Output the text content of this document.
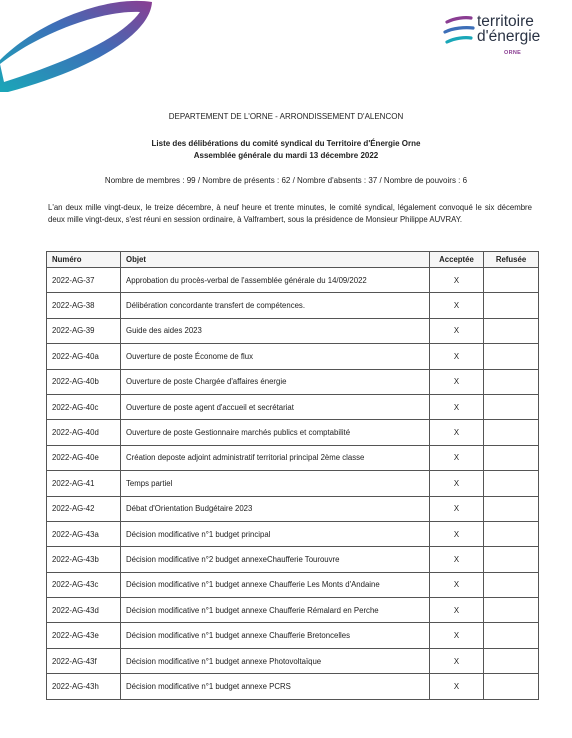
territoire
d'énergie
ORNE
DEPARTEMENT DE L'ORNE - ARRONDISSEMENT D'ALENCON
Liste des délibérations du comité syndical du Territoire d'Énergie Orne
Assemblée générale du mardi 13 décembre 2022
Nombre de membres : 99 / Nombre de présents : 62 / Nombre d'absents : 37 / Nombre de pouvoirs : 6
L'an deux mille vingt-deux, le treize décembre, à neuf heure et trente minutes, le comité syndical, légalement convoqué le six décembre deux mille vingt-deux, s'est réuni en session ordinaire, à Valframbert, sous la présidence de Monsieur Philippe AUVRAY.
Numéro	Objet	Acceptée	Refusée
2022-AG-37	Approbation du procès-verbal de l'assemblée générale du 14/09/2022	X	
2022-AG-38	Délibération concordante transfert de compétences.	X	
2022-AG-39	Guide des aides 2023	X	
2022-AG-40a	Ouverture de poste Économe de flux	X	
2022-AG-40b	Ouverture de poste Chargée d'affaires énergie	X	
2022-AG-40c	Ouverture de poste agent d'accueil et secrétariat	X	
2022-AG-40d	Ouverture de poste Gestionnaire marchés publics et comptabilité	X	
2022-AG-40e	Création deposte adjoint administratif territorial principal 2ème classe	X	
2022-AG-41	Temps partiel	X	
2022-AG-42	Débat d'Orientation Budgétaire 2023	X	
2022-AG-43a	Décision modificative n°1 budget principal	X	
2022-AG-43b	Décision modificative n°2 budget annexeChaufferie Tourouvre	X	
2022-AG-43c	Décision modificative n°1 budget annexe Chaufferie Les Monts d'Andaine	X	
2022-AG-43d	Décision modificative n°1 budget annexe Chaufferie Rémalard en Perche	X	
2022-AG-43e	Décision modificative n°1 budget annexe Chaufferie Bretoncelles	X	
2022-AG-43f	Décision modificative n°1 budget annexe Photovoltaïque	X	
2022-AG-43h	Décision modificative n°1 budget annexe PCRS	X	
